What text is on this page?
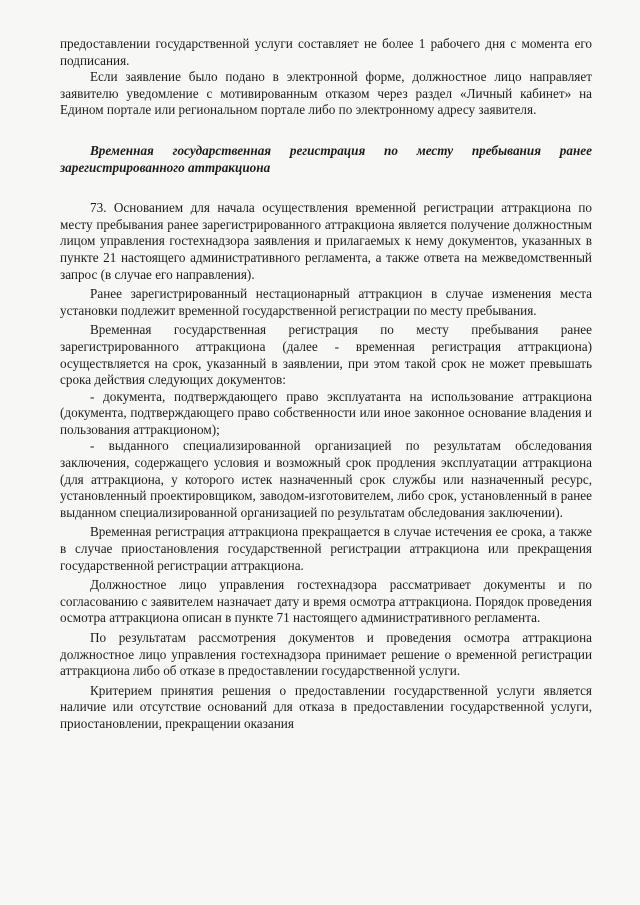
предоставлении государственной услуги составляет не более 1 рабочего дня с момента его подписания.

Если заявление было подано в электронной форме, должностное лицо направляет заявителю уведомление с мотивированным отказом через раздел «Личный кабинет» на Едином портале или региональном портале либо по электронному адресу заявителя.

Временная государственная регистрация по месту пребывания ранее зарегистрированного аттракциона

73. Основанием для начала осуществления временной регистрации аттракциона по месту пребывания ранее зарегистрированного аттракциона является получение должностным лицом управления гостехнадзора заявления и прилагаемых к нему документов, указанных в пункте 21 настоящего административного регламента, а также ответа на межведомственный запрос (в случае его направления).

Ранее зарегистрированный нестационарный аттракцион в случае изменения места установки подлежит временной государственной регистрации по месту пребывания.

Временная государственная регистрация по месту пребывания ранее зарегистрированного аттракциона (далее - временная регистрация аттракциона) осуществляется на срок, указанный в заявлении, при этом такой срок не может превышать срока действия следующих документов:

- документа, подтверждающего право эксплуатанта на использование аттракциона (документа, подтверждающего право собственности или иное законное основание владения и пользования аттракционом);

- выданного специализированной организацией по результатам обследования заключения, содержащего условия и возможный срок продления эксплуатации аттракциона (для аттракциона, у которого истек назначенный срок службы или назначенный ресурс, установленный проектировщиком, заводом-изготовителем, либо срок, установленный в ранее выданном специализированной организацией по результатам обследования заключении).

Временная регистрация аттракциона прекращается в случае истечения ее срока, а также в случае приостановления государственной регистрации аттракциона или прекращения государственной регистрации аттракциона.

Должностное лицо управления гостехнадзора рассматривает документы и по согласованию с заявителем назначает дату и время осмотра аттракциона. Порядок проведения осмотра аттракциона описан в пункте 71 настоящего административного регламента.

По результатам рассмотрения документов и проведения осмотра аттракциона должностное лицо управления гостехнадзора принимает решение о временной регистрации аттракциона либо об отказе в предоставлении государственной услуги.

Критерием принятия решения о предоставлении государственной услуги является наличие или отсутствие оснований для отказа в предоставлении государственной услуги, приостановлении, прекращении оказания
